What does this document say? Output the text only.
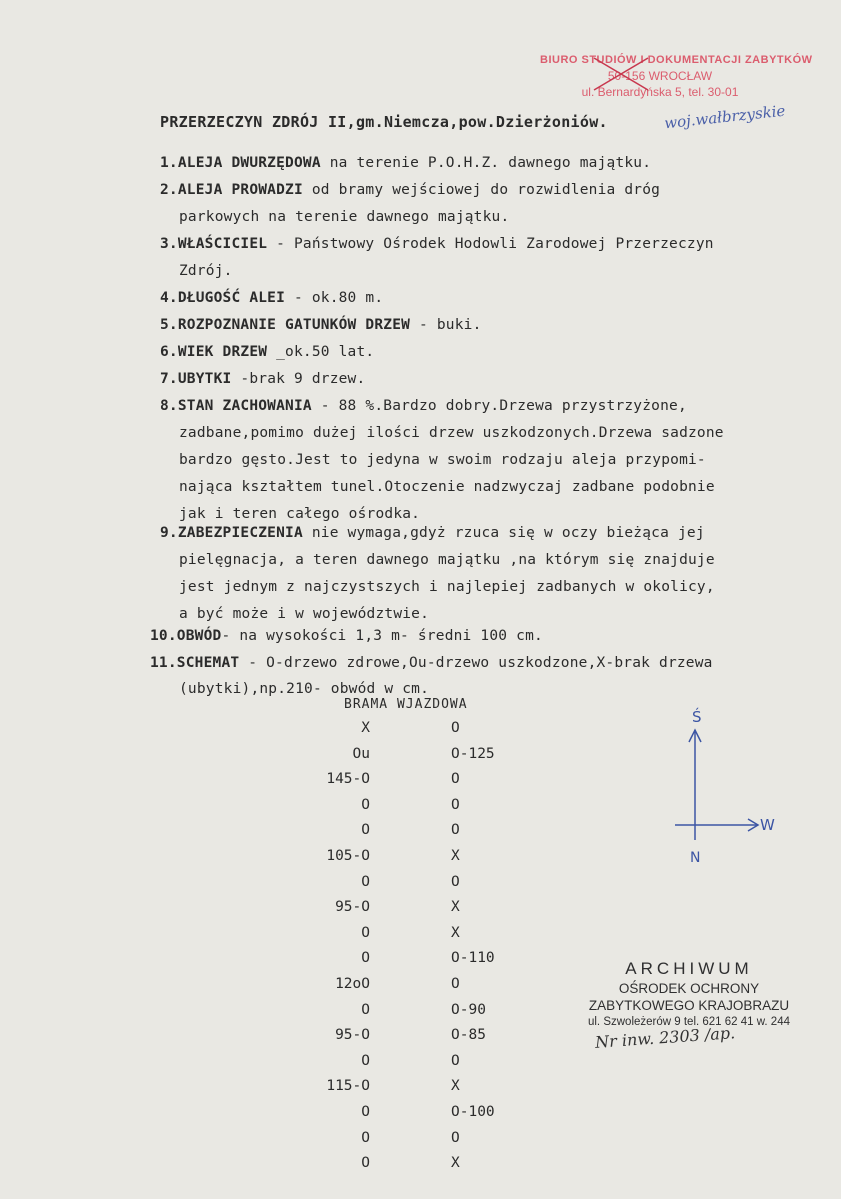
BIURO STUDIÓW I DOKUMENTACJI ZABYTKÓW
50-156 WROCŁAW
ul. Bernardyńska 5, tel. 30-01
PRZERZECZYN ZDRÓJ II,gm.Niemcza,pow.Dzierżoniów.	woj.wałbrzyskie
1.ALEJA DWURZĘDOWA na terenie P.O.H.Z. dawnego majątku.
2.ALEJA PROWADZI od bramy wejściowej do rozwidlenia dróg
parkowych na terenie dawnego majątku.
3.WŁAŚCICIEL - Państwowy Ośrodek Hodowli Zarodowej Przerzeczyn
Zdrój.
4.DŁUGOŚĆ ALEI - ok.80 m.
5.ROZPOZNANIE GATUNKÓW DRZEW - buki.
6.WIEK DRZEW _ok.50 lat.
7.UBYTKI -brak 9 drzew.
8.STAN ZACHOWANIA - 88 %.Bardzo dobry.Drzewa przystrzyżone,
zadbane,pomimo dużej ilości drzew uszkodzonych.Drzewa sadzone
bardzo gęsto.Jest to jedyna w swoim rodzaju aleja przypomi-
nająca kształtem tunel.Otoczenie nadzwyczaj zadbane podobnie
jak i teren całego ośrodka.
9.ZABEZPIECZENIA nie wymaga,gdyż rzuca się w oczy bieżąca jej
pielęgnacja, a teren dawnego majątku ,na którym się znajduje
jest jednym z najczystszych i najlepiej zadbanych w okolicy,
a być może i w województwie.
10.OBWÓD- na wysokości 1,3 m- średni 100 cm.
11.SCHEMAT - O-drzewo zdrowe,Ou-drzewo uszkodzone,X-brak drzewa
(ubytki),np.210- obwód w cm.
BRAMA WJAZDOWA
X	O
Ou	O-125
145-O	O
O	O
O	O
105-O	X
O	O
95-O	X
O	X
O	O-110
12oO	O
O	O-90
95-O	O-85
O	O
115-O	X
O	O-100
O	O
O	X
Ś
W
N
ARCHIWUM
OŚRODEK OCHRONY
ZABYTKOWEGO KRAJOBRAZU
ul. Szwoleżerów 9 tel. 621 62 41 w. 244
Nr inw. 2303 /ap.
